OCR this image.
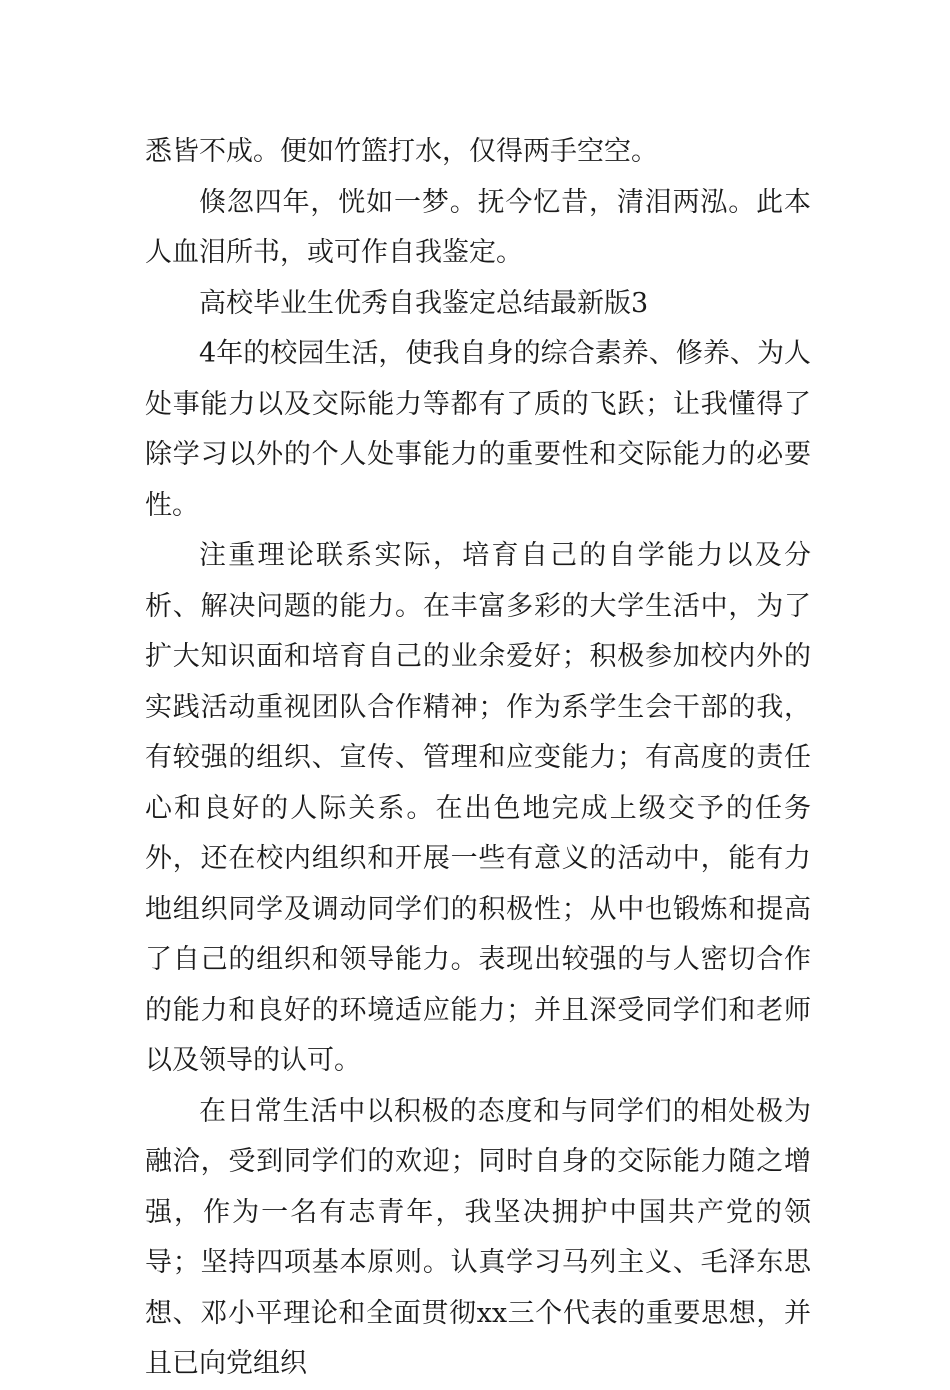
悉皆不成。便如竹篮打水，仅得两手空空。

倏忽四年，恍如一梦。抚今忆昔，清泪两泓。此本人血泪所书，或可作自我鉴定。

高校毕业生优秀自我鉴定总结最新版3

4年的校园生活，使我自身的综合素养、修养、为人处事能力以及交际能力等都有了质的飞跃；让我懂得了除学习以外的个人处事能力的重要性和交际能力的必要性。

注重理论联系实际，培育自己的自学能力以及分析、解决问题的能力。在丰富多彩的大学生活中，为了扩大知识面和培育自己的业余爱好；积极参加校内外的实践活动重视团队合作精神；作为系学生会干部的我，有较强的组织、宣传、管理和应变能力；有高度的责任心和良好的人际关系。在出色地完成上级交予的任务外，还在校内组织和开展一些有意义的活动中，能有力地组织同学及调动同学们的积极性；从中也锻炼和提高了自己的组织和领导能力。表现出较强的与人密切合作的能力和良好的环境适应能力；并且深受同学们和老师以及领导的认可。

在日常生活中以积极的态度和与同学们的相处极为融洽，受到同学们的欢迎；同时自身的交际能力随之增强，作为一名有志青年，我坚决拥护中国共产党的领导；坚持四项基本原则。认真学习马列主义、毛泽东思想、邓小平理论和全面贯彻xx三个代表的重要思想，并且已向党组织
